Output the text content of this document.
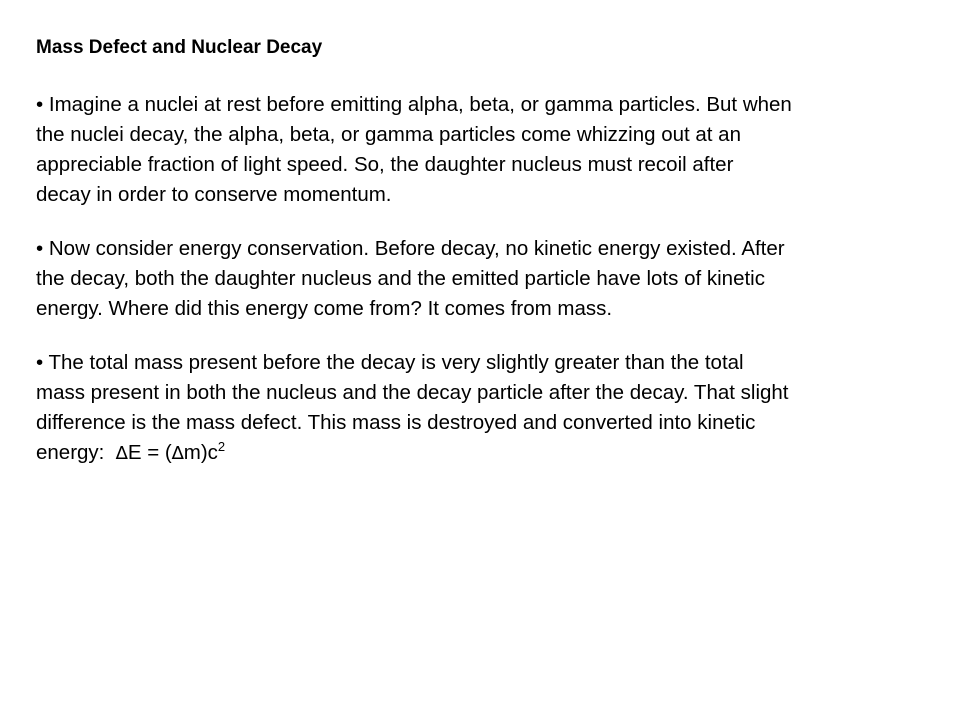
Mass Defect and Nuclear Decay
• Imagine a nuclei at rest before emitting alpha, beta, or gamma particles. But when
the nuclei decay, the alpha, beta, or gamma particles come whizzing out at an
appreciable fraction of light speed. So, the daughter nucleus must recoil after
decay in order to conserve momentum.
• Now consider energy conservation. Before decay, no kinetic energy existed. After
the decay, both the daughter nucleus and the emitted particle have lots of kinetic
energy. Where did this energy come from? It comes from mass.
• The total mass present before the decay is very slightly greater than the total
mass present in both the nucleus and the decay particle after the decay. That slight
difference is the mass defect. This mass is destroyed and converted into kinetic
energy:  $\Delta E = (\Delta m)c^2$
